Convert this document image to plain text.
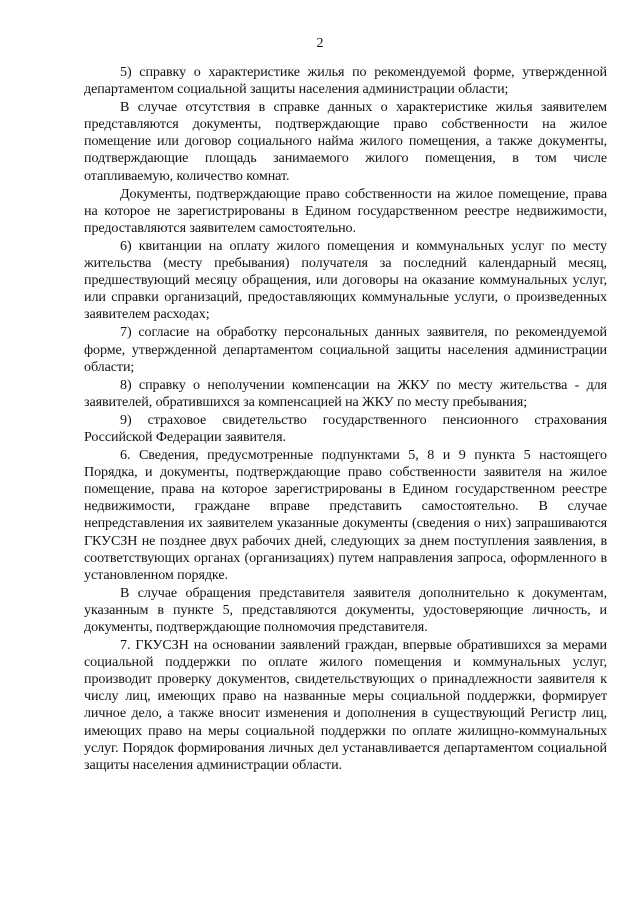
2

5) справку о характеристике жилья по рекомендуемой форме, утвержденной департаментом социальной защиты населения администрации области;

В случае отсутствия в справке данных о характеристике жилья заявителем представляются документы, подтверждающие право собственности на жилое помещение или договор социального найма жилого помещения, а также документы, подтверждающие площадь занимаемого жилого помещения, в том числе отапливаемую, количество комнат.

Документы, подтверждающие право собственности на жилое помещение, права на которое не зарегистрированы в Едином государственном реестре недвижимости, предоставляются заявителем самостоятельно.

6) квитанции на оплату жилого помещения и коммунальных услуг по месту жительства (месту пребывания) получателя за последний календарный месяц, предшествующий месяцу обращения, или договоры на оказание коммунальных услуг, или справки организаций, предоставляющих коммунальные услуги, о произведенных заявителем расходах;

7) согласие на обработку персональных данных заявителя, по рекомендуемой форме, утвержденной департаментом социальной защиты населения администрации области;

8) справку о неполучении компенсации на ЖКУ по месту жительства - для заявителей, обратившихся за компенсацией на ЖКУ по месту пребывания;

9) страховое свидетельство государственного пенсионного страхования Российской Федерации заявителя.

6. Сведения, предусмотренные подпунктами 5, 8 и 9 пункта 5 настоящего Порядка, и документы, подтверждающие право собственности заявителя на жилое помещение, права на которое зарегистрированы в Едином государственном реестре недвижимости, граждане вправе представить самостоятельно. В случае непредставления их заявителем указанные документы (сведения о них) запрашиваются ГКУСЗН не позднее двух рабочих дней, следующих за днем поступления заявления, в соответствующих органах (организациях) путем направления запроса, оформленного в установленном порядке.

В случае обращения представителя заявителя дополнительно к документам, указанным в пункте 5, представляются документы, удостоверяющие личность, и документы, подтверждающие полномочия представителя.

7. ГКУСЗН на основании заявлений граждан, впервые обратившихся за мерами социальной поддержки по оплате жилого помещения и коммунальных услуг, производит проверку документов, свидетельствующих о принадлежности заявителя к числу лиц, имеющих право на названные меры социальной поддержки, формирует личное дело, а также вносит изменения и дополнения в существующий Регистр лиц, имеющих право на меры социальной поддержки по оплате жилищно-коммунальных услуг. Порядок формирования личных дел устанавливается департаментом социальной защиты населения администрации области.
